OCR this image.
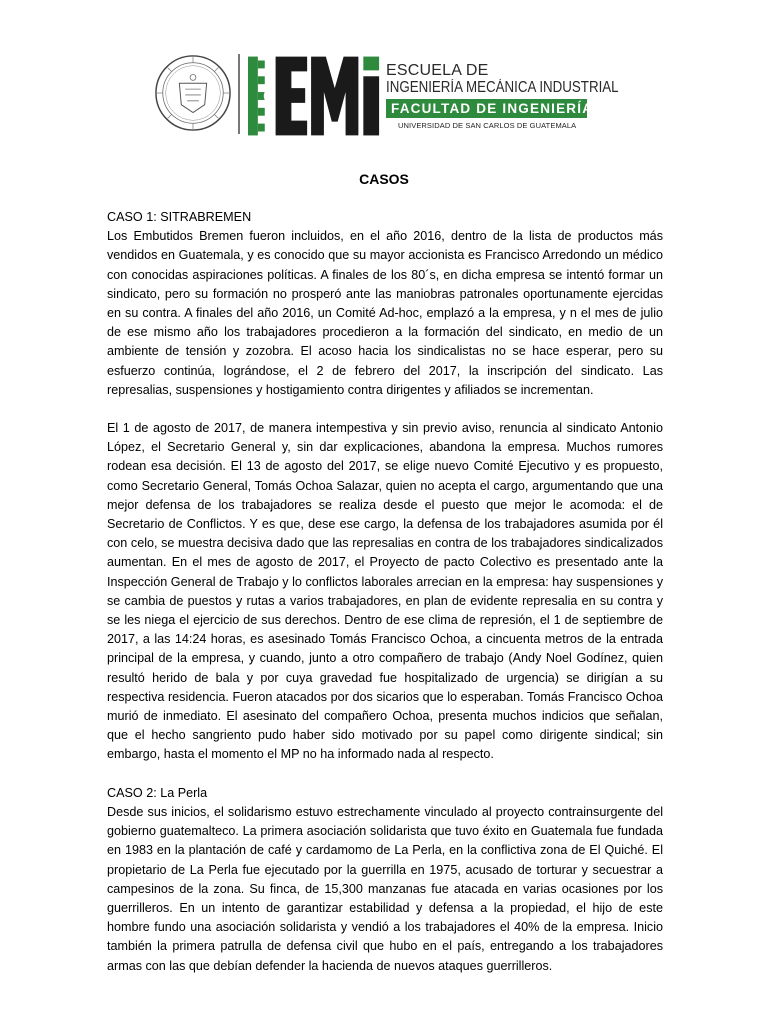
ESCUELA DE
INGENIERÍA MECÁNICA INDUSTRIAL
FACULTAD DE INGENIERÍA
UNIVERSIDAD DE SAN CARLOS DE GUATEMALA
CASOS

CASO 1: SITRABREMEN

Los Embutidos Bremen fueron incluidos, en el año 2016, dentro de la lista de productos más vendidos en Guatemala, y es conocido que su mayor accionista es Francisco Arredondo un médico con conocidas aspiraciones políticas. A finales de los 80´s, en dicha empresa se intentó formar un sindicato, pero su formación no prosperó ante las maniobras patronales oportunamente ejercidas en su contra. A finales del año 2016, un Comité Ad-hoc, emplazó a la empresa, y n el mes de julio de ese mismo año los trabajadores procedieron a la formación del sindicato, en medio de un ambiente de tensión y zozobra. El acoso hacia los sindicalistas no se hace esperar, pero su esfuerzo continúa, lográndose, el 2 de febrero del 2017, la inscripción del sindicato. Las represalias, suspensiones y hostigamiento contra dirigentes y afiliados se incrementan.

El 1 de agosto de 2017, de manera intempestiva y sin previo aviso, renuncia al sindicato Antonio López, el Secretario General y, sin dar explicaciones, abandona la empresa. Muchos rumores rodean esa decisión. El 13 de agosto del 2017, se elige nuevo Comité Ejecutivo y es propuesto, como Secretario General, Tomás Ochoa Salazar, quien no acepta el cargo, argumentando que una mejor defensa de los trabajadores se realiza desde el puesto que mejor le acomoda: el de Secretario de Conflictos. Y es que, dese ese cargo, la defensa de los trabajadores asumida por él con celo, se muestra decisiva dado que las represalias en contra de los trabajadores sindicalizados aumentan. En el mes de agosto de 2017, el Proyecto de pacto Colectivo es presentado ante la Inspección General de Trabajo y lo conflictos laborales arrecian en la empresa: hay suspensiones y se cambia de puestos y rutas a varios trabajadores, en plan de evidente represalia en su contra y se les niega el ejercicio de sus derechos. Dentro de ese clima de represión, el 1 de septiembre de 2017, a las 14:24 horas, es asesinado Tomás Francisco Ochoa, a cincuenta metros de la entrada principal de la empresa, y cuando, junto a otro compañero de trabajo (Andy Noel Godínez, quien resultó herido de bala y por cuya gravedad fue hospitalizado de urgencia) se dirigían a su respectiva residencia. Fueron atacados por dos sicarios que lo esperaban. Tomás Francisco Ochoa murió de inmediato. El asesinato del compañero Ochoa, presenta muchos indicios que señalan, que el hecho sangriento pudo haber sido motivado por su papel como dirigente sindical; sin embargo, hasta el momento el MP no ha informado nada al respecto.

CASO 2: La Perla

Desde sus inicios, el solidarismo estuvo estrechamente vinculado al proyecto contrainsurgente del gobierno guatemalteco. La primera asociación solidarista que tuvo éxito en Guatemala fue fundada en 1983 en la plantación de café y cardamomo de La Perla, en la conflictiva zona de El Quiché. El propietario de La Perla fue ejecutado por la guerrilla en 1975, acusado de torturar y secuestrar a campesinos de la zona. Su finca, de 15,300 manzanas fue atacada en varias ocasiones por los guerrilleros. En un intento de garantizar estabilidad y defensa a la propiedad, el hijo de este hombre fundo una asociación solidarista y vendió a los trabajadores el 40% de la empresa. Inicio también la primera patrulla de defensa civil que hubo en el país, entregando a los trabajadores armas con las que debían defender la hacienda de nuevos ataques guerrilleros.
